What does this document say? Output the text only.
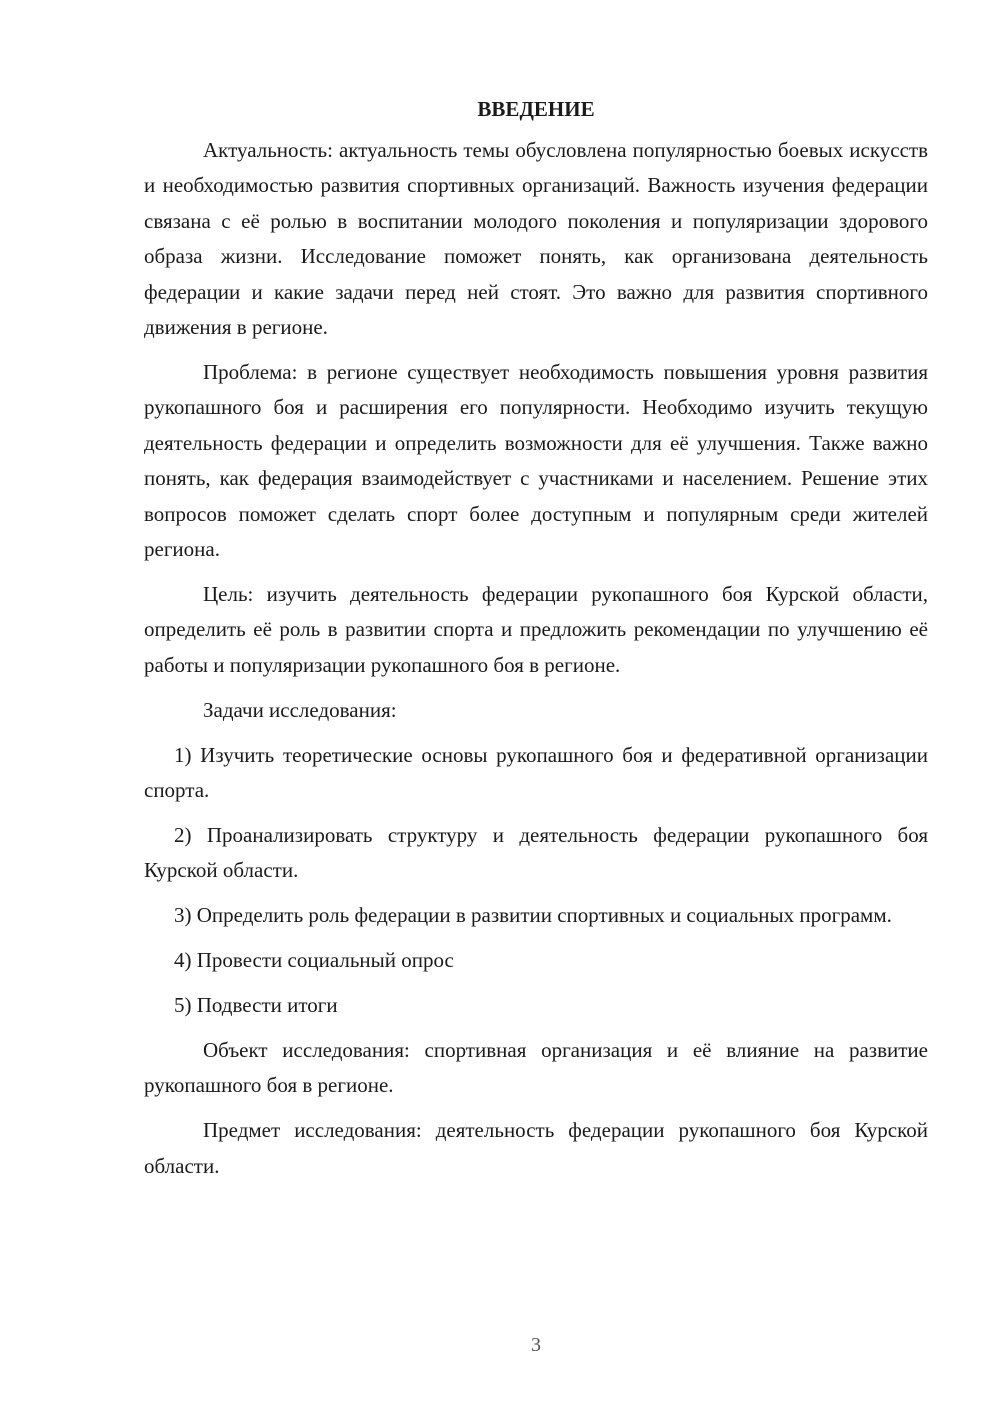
ВВЕДЕНИЕ

Актуальность: актуальность темы обусловлена популярностью боевых искусств и необходимостью развития спортивных организаций. Важность изучения федерации связана с её ролью в воспитании молодого поколения и популяризации здорового образа жизни. Исследование поможет понять, как организована деятельность федерации и какие задачи перед ней стоят. Это важно для развития спортивного движения в регионе.

Проблема: в регионе существует необходимость повышения уровня развития рукопашного боя и расширения его популярности. Необходимо изучить текущую деятельность федерации и определить возможности для её улучшения. Также важно понять, как федерация взаимодействует с участниками и населением. Решение этих вопросов поможет сделать спорт более доступным и популярным среди жителей региона.

Цель: изучить деятельность федерации рукопашного боя Курской области, определить её роль в развитии спорта и предложить рекомендации по улучшению её работы и популяризации рукопашного боя в регионе.

Задачи исследования:

1) Изучить теоретические основы рукопашного боя и федеративной организации спорта.

2) Проанализировать структуру и деятельность федерации рукопашного боя Курской области.

3) Определить роль федерации в развитии спортивных и социальных программ.

4) Провести социальный опрос

5) Подвести итоги

Объект исследования: спортивная организация и её влияние на развитие рукопашного боя в регионе.

Предмет исследования: деятельность федерации рукопашного боя Курской области.

3
